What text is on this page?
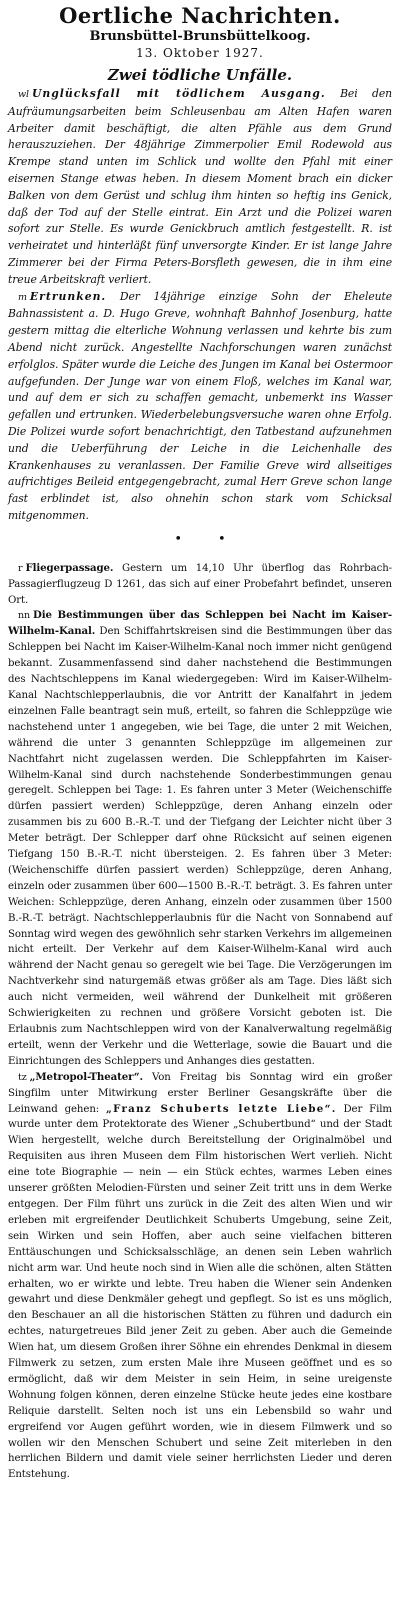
Oertliche Nachrichten.
Brunsbüttel-Brunsbüttelkoog.
13. Oktober 1927.
Zwei tödliche Unfälle.

wl Unglücksfall mit tödlichem Ausgang. Bei den Aufräumungsarbeiten beim Schleusenbau am Alten Hafen waren Arbeiter damit beschäftigt, die alten Pfähle aus dem Grund herauszuziehen. Der 48jährige Zimmerpolier Emil Rodewold aus Krempe stand unten im Schlick und wollte den Pfahl mit einer eisernen Stange etwas heben. In diesem Moment brach ein dicker Balken von dem Gerüst und schlug ihm hinten so heftig ins Genick, daß der Tod auf der Stelle eintrat. Ein Arzt und die Polizei waren sofort zur Stelle. Es wurde Genickbruch amtlich festgestellt. R. ist verheiratet und hinterläßt fünf unversorgte Kinder. Er ist lange Jahre Zimmerer bei der Firma Peters-Borsfleth gewesen, die in ihm eine treue Arbeitskraft verliert.

m Ertrunken. Der 14jährige einzige Sohn der Eheleute Bahnassistent a. D. Hugo Greve, wohnhaft Bahnhof Josenburg, hatte gestern mittag die elterliche Wohnung verlassen und kehrte bis zum Abend nicht zurück. Angestellte Nachforschungen waren zunächst erfolglos. Später wurde die Leiche des Jungen im Kanal bei Ostermoor aufgefunden. Der Junge war von einem Floß, welches im Kanal war, und auf dem er sich zu schaffen gemacht, unbemerkt ins Wasser gefallen und ertrunken. Wiederbelebungsversuche waren ohne Erfolg. Die Polizei wurde sofort benachrichtigt, den Tatbestand aufzunehmen und die Ueberführung der Leiche in die Leichenhalle des Krankenhauses zu veranlassen. Der Familie Greve wird allseitiges aufrichtiges Beileid entgegengebracht, zumal Herr Greve schon lange fast erblindet ist, also ohnehin schon stark vom Schicksal mitgenommen.

•	•

r Fliegerpassage. Gestern um 14,10 Uhr überflog das Rohrbach-Passagierflugzeug D 1261, das sich auf einer Probefahrt befindet, unseren Ort.

nn Die Bestimmungen über das Schleppen bei Nacht im Kaiser-Wilhelm-Kanal. Den Schiffahrtskreisen sind die Bestimmungen über das Schleppen bei Nacht im Kaiser-Wilhelm-Kanal noch immer nicht genügend bekannt. Zusammenfassend sind daher nachstehend die Bestimmungen des Nachtschleppens im Kanal wiedergegeben: Wird im Kaiser-Wilhelm-Kanal Nachtschlepperlaubnis, die vor Antritt der Kanalfahrt in jedem einzelnen Falle beantragt sein muß, erteilt, so fahren die Schleppzüge wie nachstehend unter 1 angegeben, wie bei Tage, die unter 2 mit Weichen, während die unter 3 genannten Schleppzüge im allgemeinen zur Nachtfahrt nicht zugelassen werden. Die Schleppfahrten im Kaiser-Wilhelm-Kanal sind durch nachstehende Sonderbestimmungen genau geregelt. Schleppen bei Tage: 1. Es fahren unter 3 Meter (Weichenschiffe dürfen passiert werden) Schleppzüge, deren Anhang einzeln oder zusammen bis zu 600 B.-R.-T. und der Tiefgang der Leichter nicht über 3 Meter beträgt. Der Schlepper darf ohne Rücksicht auf seinen eigenen Tiefgang 150 B.-R.-T. nicht übersteigen. 2. Es fahren über 3 Meter: (Weichenschiffe dürfen passiert werden) Schleppzüge, deren Anhang, einzeln oder zusammen über 600—1500 B.-R.-T. beträgt. 3. Es fahren unter Weichen: Schleppzüge, deren Anhang, einzeln oder zusammen über 1500 B.-R.-T. beträgt. Nachtschlepperlaubnis für die Nacht von Sonnabend auf Sonntag wird wegen des gewöhnlich sehr starken Verkehrs im allgemeinen nicht erteilt. Der Verkehr auf dem Kaiser-Wilhelm-Kanal wird auch während der Nacht genau so geregelt wie bei Tage. Die Verzögerungen im Nachtverkehr sind naturgemäß etwas größer als am Tage. Dies läßt sich auch nicht vermeiden, weil während der Dunkelheit mit größeren Schwierigkeiten zu rechnen und größere Vorsicht geboten ist. Die Erlaubnis zum Nachtschleppen wird von der Kanalverwaltung regelmäßig erteilt, wenn der Verkehr und die Wetterlage, sowie die Bauart und die Einrichtungen des Schleppers und Anhanges dies gestatten.

tz „Metropol-Theater“. Von Freitag bis Sonntag wird ein großer Singfilm unter Mitwirkung erster Berliner Gesangskräfte über die Leinwand gehen: „Franz Schuberts letzte Liebe“. Der Film wurde unter dem Protektorate des Wiener „Schubertbund“ und der Stadt Wien hergestellt, welche durch Bereitstellung der Originalmöbel und Requisiten aus ihren Museen dem Film historischen Wert verlieh. Nicht eine tote Biographie — nein — ein Stück echtes, warmes Leben eines unserer größten Melodien-Fürsten und seiner Zeit tritt uns in dem Werke entgegen. Der Film führt uns zurück in die Zeit des alten Wien und wir erleben mit ergreifender Deutlichkeit Schuberts Umgebung, seine Zeit, sein Wirken und sein Hoffen, aber auch seine vielfachen bitteren Enttäuschungen und Schicksalsschläge, an denen sein Leben wahrlich nicht arm war. Und heute noch sind in Wien alle die schönen, alten Stätten erhalten, wo er wirkte und lebte. Treu haben die Wiener sein Andenken gewahrt und diese Denkmäler gehegt und gepflegt. So ist es uns möglich, den Beschauer an all die historischen Stätten zu führen und dadurch ein echtes, naturgetreues Bild jener Zeit zu geben. Aber auch die Gemeinde Wien hat, um diesem Großen ihrer Söhne ein ehrendes Denkmal in diesem Filmwerk zu setzen, zum ersten Male ihre Museen geöffnet und es so ermöglicht, daß wir dem Meister in sein Heim, in seine ureigenste Wohnung folgen können, deren einzelne Stücke heute jedes eine kostbare Reliquie darstellt. Selten noch ist uns ein Lebensbild so wahr und ergreifend vor Augen geführt worden, wie in diesem Filmwerk und so wollen wir den Menschen Schubert und seine Zeit miterleben in den herrlichen Bildern und damit viele seiner herrlichsten Lieder und deren Entstehung.
